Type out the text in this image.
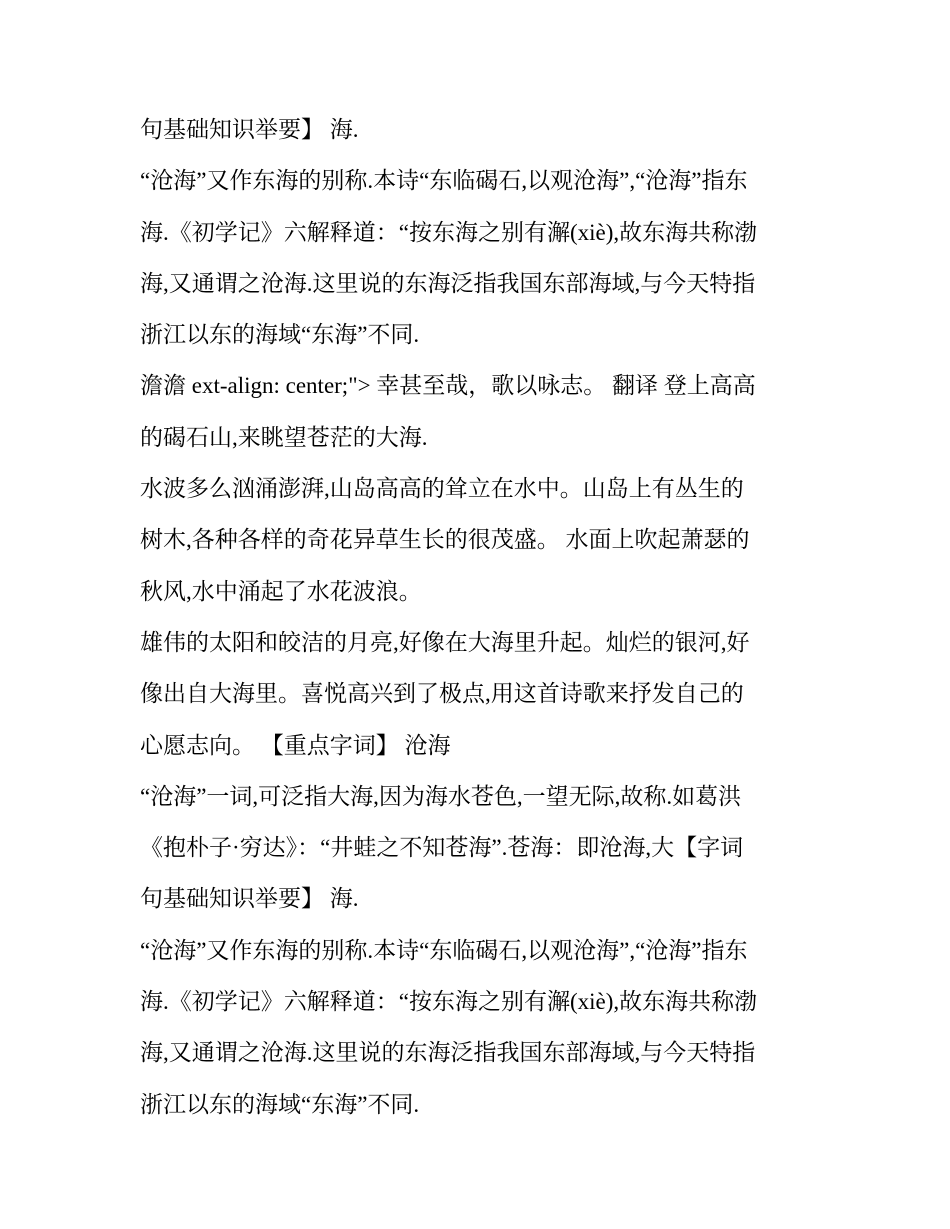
句基础知识举要】 海.

“沧海”又作东海的别称.本诗“东临碣石,以观沧海”,“沧海”指东

海.《初学记》六解释道：“按东海之别有澥(xiè),故东海共称渤

海,又通谓之沧海.这里说的东海泛指我国东部海域,与今天特指

浙江以东的海域“东海”不同.

澹澹 ext-align: center;"> 幸甚至哉，歌以咏志。 翻译 登上高高

的碣石山,来眺望苍茫的大海.

水波多么汹涌澎湃,山岛高高的耸立在水中。山岛上有丛生的

树木,各种各样的奇花异草生长的很茂盛。 水面上吹起萧瑟的

秋风,水中涌起了水花波浪。

雄伟的太阳和皎洁的月亮,好像在大海里升起。灿烂的银河,好

像出自大海里。喜悦高兴到了极点,用这首诗歌来抒发自己的

心愿志向。 【重点字词】 沧海

“沧海”一词,可泛指大海,因为海水苍色,一望无际,故称.如葛洪

《抱朴子·穷达》：“井蛙之不知苍海”.苍海：即沧海,大【字词

句基础知识举要】 海.

“沧海”又作东海的别称.本诗“东临碣石,以观沧海”,“沧海”指东

海.《初学记》六解释道：“按东海之别有澥(xiè),故东海共称渤

海,又通谓之沧海.这里说的东海泛指我国东部海域,与今天特指

浙江以东的海域“东海”不同.
